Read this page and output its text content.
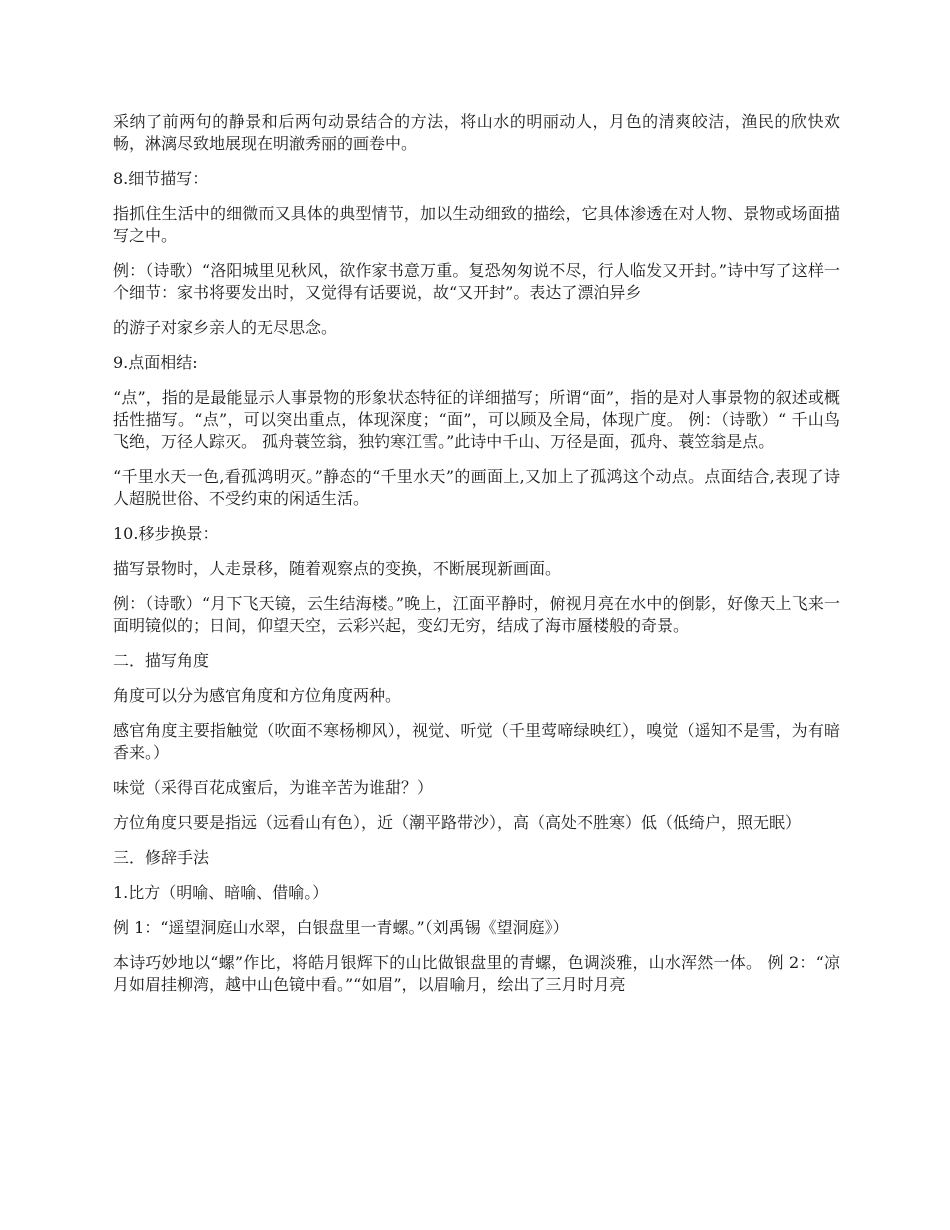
采纳了前两句的静景和后两句动景结合的方法，将山水的明丽动人，月色的清爽皎洁，渔民的欣快欢畅，淋漓尽致地展现在明澈秀丽的画卷中。

8.细节描写：

指抓住生活中的细微而又具体的典型情节，加以生动细致的描绘，它具体渗透在对人物、景物或场面描写之中。

例：（诗歌）“洛阳城里见秋风，欲作家书意万重。复恐匆匆说不尽，行人临发又开封。”诗中写了这样一个细节：家书将要发出时，又觉得有话要说，故“又开封”。表达了漂泊异乡

的游子对家乡亲人的无尽思念。

9.点面相结:

“点”，指的是最能显示人事景物的形象状态特征的详细描写；所谓“面”，指的是对人事景物的叙述或概括性描写。“点”，可以突出重点，体现深度；“面”，可以顾及全局，体现广度。 例：（诗歌）“ 千山鸟飞绝，万径人踪灭。 孤舟蓑笠翁，独钓寒江雪。”此诗中千山、万径是面，孤舟、蓑笠翁是点。

“千里水天一色,看孤鸿明灭。”静态的“千里水天”的画面上,又加上了孤鸿这个动点。点面结合,表现了诗人超脱世俗、不受约束的闲适生活。

10.移步换景：

描写景物时，人走景移，随着观察点的变换，不断展现新画面。

例：（诗歌）“月下飞天镜，云生结海楼。”晚上，江面平静时，俯视月亮在水中的倒影，好像天上飞来一面明镜似的；日间，仰望天空，云彩兴起，变幻无穷，结成了海市蜃楼般的奇景。

二．描写角度

角度可以分为感官角度和方位角度两种。

感官角度主要指触觉（吹面不寒杨柳风），视觉、听觉（千里莺啼绿映红），嗅觉（遥知不是雪，为有暗香来。）

味觉（采得百花成蜜后，为谁辛苦为谁甜？）

方位角度只要是指远（远看山有色），近（潮平路带沙），高（高处不胜寒）低（低绮户，照无眠）

三．修辞手法

1.比方（明喻、暗喻、借喻。）

例 1：“遥望洞庭山水翠，白银盘里一青螺。”（刘禹锡《望洞庭》）

本诗巧妙地以“螺”作比，将皓月银辉下的山比做银盘里的青螺，色调淡雅，山水浑然一体。 例 2：“凉月如眉挂柳湾，越中山色镜中看。”“如眉”，以眉喻月，绘出了三月时月亮
